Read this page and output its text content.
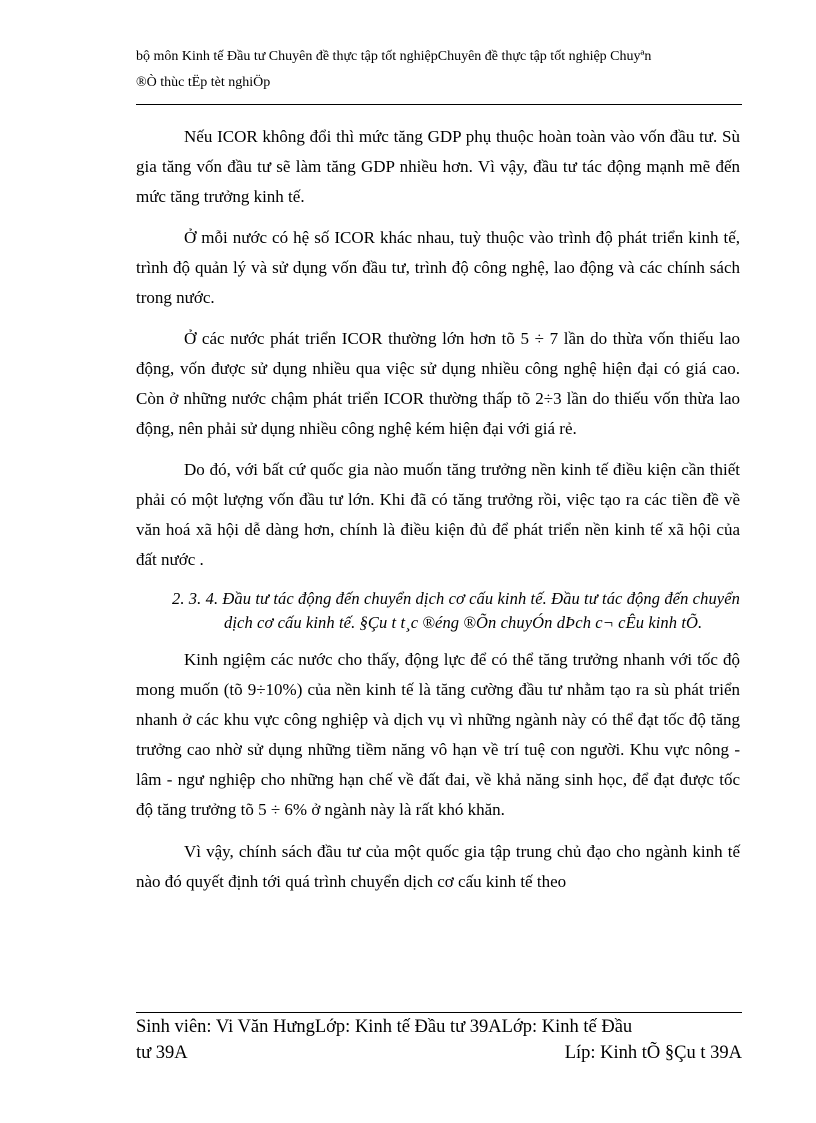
bộ môn Kinh tế Đầu tư Chuyên đề thực tập tốt nghiệpChuyên đề thực tập tốt nghiệp Chuyªn
®Ò thùc tËp tèt nghiÖp

Nếu ICOR không đổi thì mức tăng GDP phụ thuộc hoàn toàn vào vốn đầu tư. Sù gia tăng vốn đầu tư sẽ làm tăng GDP nhiều hơn. Vì vậy, đầu tư tác động mạnh mẽ đến mức tăng trưởng kinh tế.

Ở mỗi nước có hệ số ICOR khác nhau, tuỳ thuộc vào trình độ phát triển kinh tế, trình độ quản lý và sử dụng vốn đầu tư, trình độ công nghệ, lao động và các chính sách trong nước.

Ở các nước phát triển ICOR thường lớn hơn tõ 5 ÷ 7 lần do thừa vốn thiếu lao động, vốn được sử dụng nhiều qua việc sử dụng nhiều công nghệ hiện đại có giá cao. Còn ở những nước chậm phát triển ICOR thường thấp tõ 2÷3 lần do thiếu vốn thừa lao động, nên phải sử dụng nhiều công nghệ kém hiện đại với giá rẻ.

Do đó, với bất cứ quốc gia nào muốn tăng trưởng nền kinh tế điều kiện cần thiết phải có một lượng vốn đầu tư lớn. Khi đã có tăng trưởng rồi, việc tạo ra các tiền đề về văn hoá xã hội dễ dàng hơn, chính là điều kiện đủ để phát triển nền kinh tế xã hội của đất nước .

2. 3. 4. Đầu tư tác động đến chuyển dịch cơ cấu kinh tế. Đầu tư tác động đến chuyển dịch cơ cấu kinh tế. §Çu t t¸c ®éng ®Õn chuyÓn dÞch c¬ cÊu kinh tÕ.

Kinh ngiệm các nước cho thấy, động lực để có thể tăng trưởng nhanh với tốc độ mong muốn (tõ 9÷10%) của nền kinh tế là tăng cường đầu tư nhằm tạo ra sù phát triển nhanh ở các khu vực công nghiệp và dịch vụ vì những ngành này có thể đạt tốc độ tăng trưởng cao nhờ sử dụng những tiềm năng vô hạn về trí tuệ con người. Khu vực nông - lâm - ngư nghiệp cho những hạn chế về đất đai, về khả năng sinh học, để đạt được tốc độ tăng trưởng tõ 5 ÷ 6% ở ngành này là rất khó khăn.

Vì vậy, chính sách đầu tư của một quốc gia tập trung chủ đạo cho ngành kinh tế nào đó quyết định tới quá trình chuyển dịch cơ cấu kinh tế theo

Sinh viên: Vi Văn HưngLớp: Kinh tế Đầu tư 39ALớp: Kinh tế Đầu
tư 39A	Líp: Kinh tÕ §Çu t 39A
